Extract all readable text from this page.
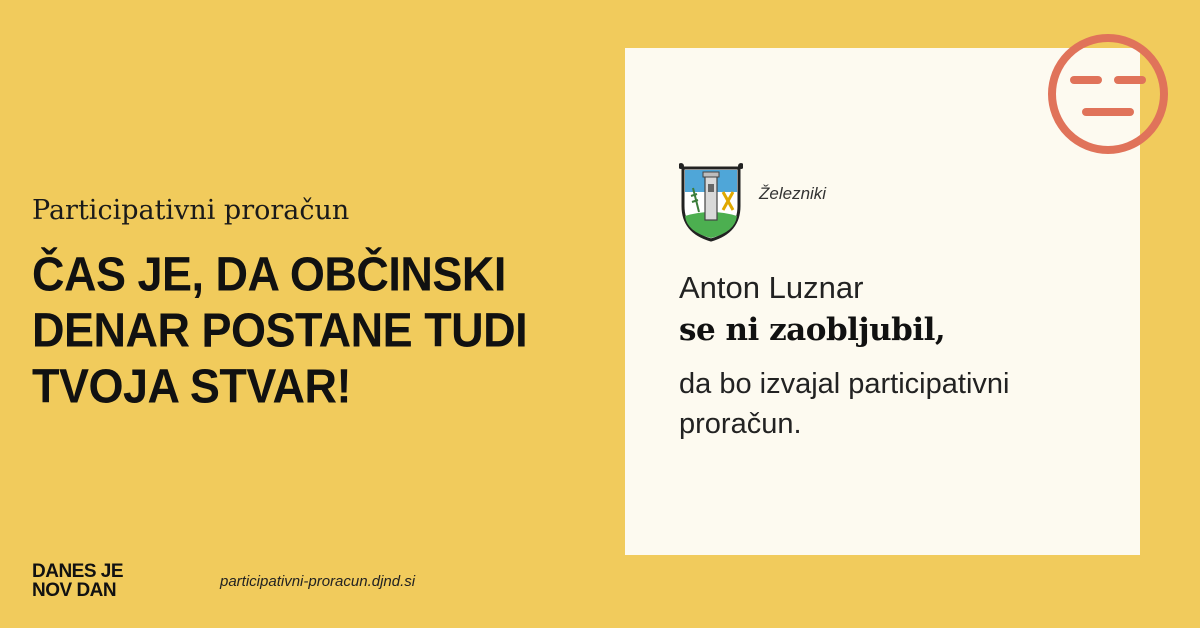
Participativni proračun
ČAS JE, DA OBČINSKI
DENAR POSTANE TUDI
TVOJA STVAR!
DANES JE
NOV DAN	participativni-proracun.djnd.si
Železniki
Anton Luznar
se ni zaobljubil,
da bo izvajal participativni proračun.
